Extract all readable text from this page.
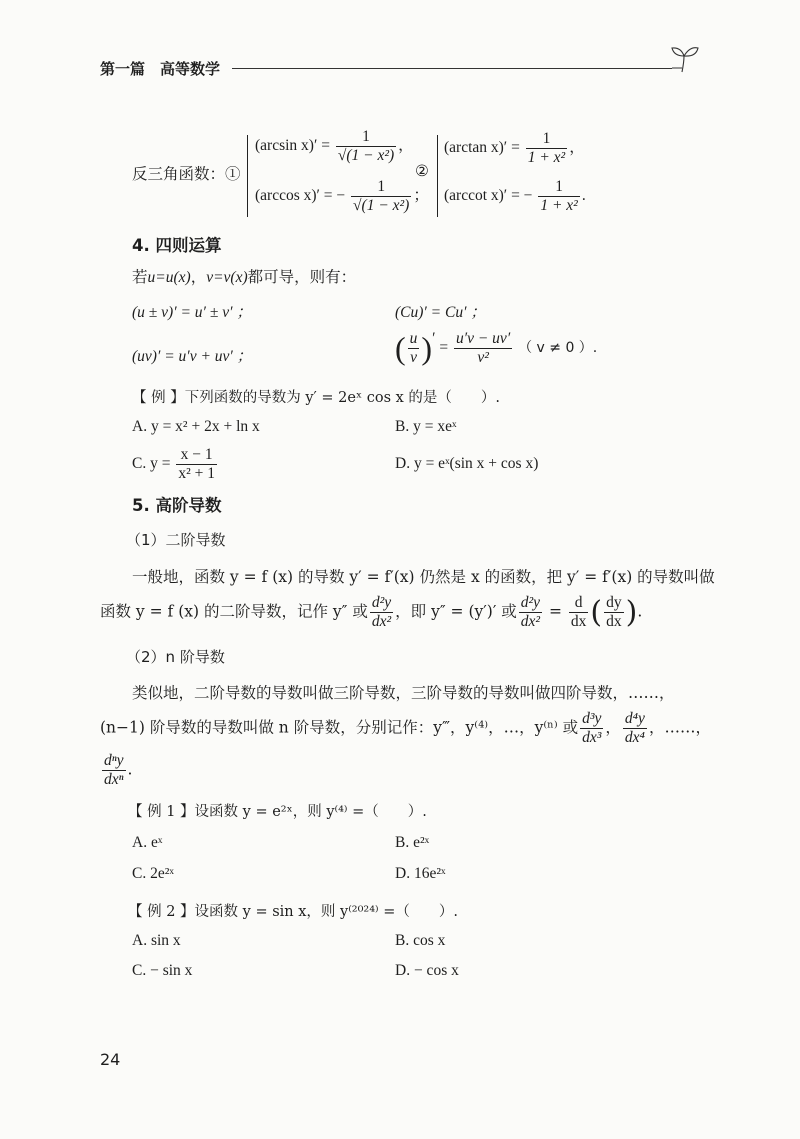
第一篇　高等数学
反三角函数：①
(arcsin $x)' = \frac{1}{\text{√(1 − x²)}}$ ，
(arccos x)′ = − $\frac{1}{\text{√(1 − x²)}}$ ；
②
(arctan $x)' = \frac{1}{\text{1 + x²}}$ ，
(arccot x)′ = − $\frac{1}{\text{1 + x²}}$ .
4. 四则运算
若u=u(x)，v=v(x)都可导，则有：
(u ± v)′ = u′ ± v′ ；	(Cu)′ = Cu′ ；
(uv)′ = u′v + uv′ ；	( $\frac{u}{v}$ )′ = $\frac{u'v - uv'}{\text{v²}}$ （ v ≠ 0 ）.
【 例 】下列函数的导数为 y′ = 2eˣ cos x 的是（　　）.
A. y = x² + 2x + ln x	B. y = xeˣ
C. $y = \frac{x - 1}{\text{x² + 1}}$	D. y = eˣ(sin x + cos x)
5. 高阶导数
（1）二阶导数
一般地，函数 y = f (x) 的导数 y′ = f′(x) 仍然是 x 的函数，把 y′ = f′(x) 的导数叫做
函数 y = f (x) 的二阶导数，记作 y″ 或 $\frac{\text{d²y}}{\text{dx²}}$ ，即 y″ = (y′)′ 或 $\frac{\text{d²y}}{\text{dx²}} = \frac{d}{dx}$ ( $\frac{dy}{dx}$ ).
（2）n 阶导数
类似地，二阶导数的导数叫做三阶导数，三阶导数的导数叫做四阶导数，……，
(n−1) 阶导数的导数叫做 n 阶导数，分别记作：y‴，y⁽⁴⁾，…，y⁽ⁿ⁾ 或 $\frac{\text{d³y}}{\text{dx³}}$ ， $\frac{\text{d⁴y}}{\text{dx⁴}}$ ，……，
$\frac{\text{dⁿy}}{\text{dxⁿ}}$ .
【 例 1 】设函数 y = e²ˣ，则 y⁽⁴⁾ =（　　）.
A. eˣ	B. e²ˣ
C. 2e²ˣ	D. 16e²ˣ
【 例 2 】设函数 y = sin x，则 y⁽²⁰²⁴⁾ =（　　）.
A. sin x	B. cos x
C. − sin x	D. − cos x
24
